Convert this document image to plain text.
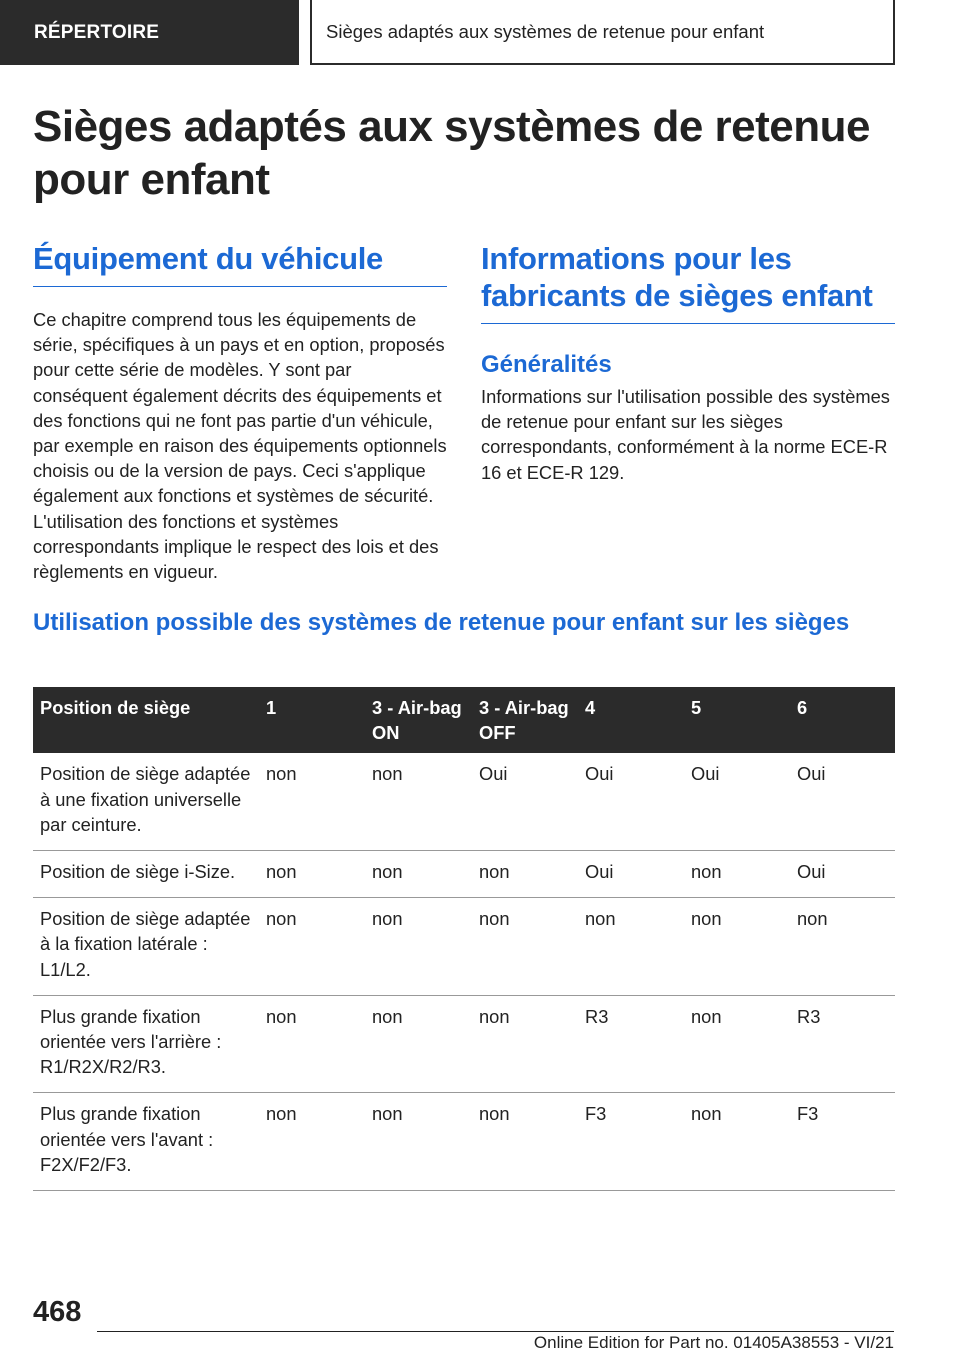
RÉPERTOIRE	Sièges adaptés aux systèmes de retenue pour enfant
Sièges adaptés aux systèmes de retenue pour enfant
Équipement du véhicule

Ce chapitre comprend tous les équipements de série, spécifiques à un pays et en option, proposés pour cette série de modèles. Y sont par conséquent également décrits des équipements et des fonctions qui ne font pas partie d'un véhicule, par exemple en raison des équipements optionnels choisis ou de la version de pays. Ceci s'applique également aux fonctions et systèmes de sécurité. L'utilisation des fonctions et systèmes correspondants implique le respect des lois et des règlements en vigueur.

Informations pour les fabricants de sièges enfant
Généralités

Informations sur l'utilisation possible des systèmes de retenue pour enfant sur les sièges correspondants, conformément à la norme ECE-R 16 et ECE-R 129.

Utilisation possible des systèmes de retenue pour enfant sur les sièges
Position de siège	1	3 - Air-bag ON	3 - Air-bag OFF	4	5	6
Position de siège adaptée à une fixation universelle par ceinture.	non	non	Oui	Oui	Oui	Oui
Position de siège i-Size.	non	non	non	Oui	non	Oui
Position de siège adaptée à la fixation latérale : L1/L2.	non	non	non	non	non	non
Plus grande fixation orientée vers l'arrière : R1/R2X/R2/R3.	non	non	non	R3	non	R3
Plus grande fixation orientée vers l'avant : F2X/F2/F3.	non	non	non	F3	non	F3
468
Online Edition for Part no. 01405A38553 - VI/21
